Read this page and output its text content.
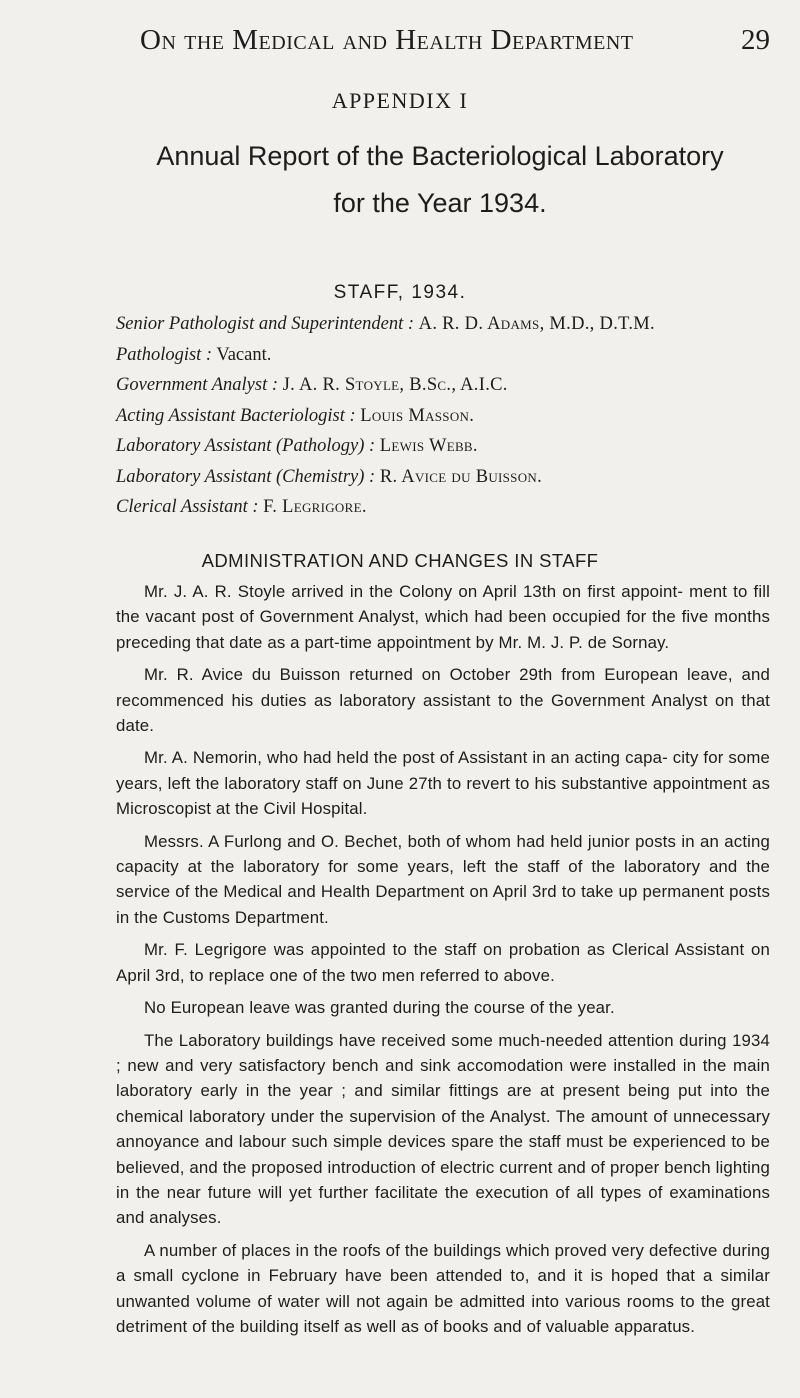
On the Medical and Health Department	29
APPENDIX I
Annual Report of the Bacteriological Laboratory
for the Year 1934.
STAFF, 1934.
Senior Pathologist and Superintendent : A. R. D. Adams, M.D., D.T.M.
Pathologist : Vacant.
Government Analyst : J. A. R. Stoyle, B.Sc., A.I.C.
Acting Assistant Bacteriologist : Louis Masson.
Laboratory Assistant (Pathology) : Lewis Webb.
Laboratory Assistant (Chemistry) : R. Avice du Buisson.
Clerical Assistant : F. Legrigore.
ADMINISTRATION AND CHANGES IN STAFF

Mr. J. A. R. Stoyle arrived in the Colony on April 13th on first appoint- ment to fill the vacant post of Government Analyst, which had been occupied for the five months preceding that date as a part-time appointment by Mr. M. J. P. de Sornay.

Mr. R. Avice du Buisson returned on October 29th from European leave, and recommenced his duties as laboratory assistant to the Government Analyst on that date.

Mr. A. Nemorin, who had held the post of Assistant in an acting capa- city for some years, left the laboratory staff on June 27th to revert to his substantive appointment as Microscopist at the Civil Hospital.

Messrs. A Furlong and O. Bechet, both of whom had held junior posts in an acting capacity at the laboratory for some years, left the staff of the laboratory and the service of the Medical and Health Department on April 3rd to take up permanent posts in the Customs Department.

Mr. F. Legrigore was appointed to the staff on probation as Clerical Assistant on April 3rd, to replace one of the two men referred to above.

No European leave was granted during the course of the year.

The Laboratory buildings have received some much-needed attention during 1934 ; new and very satisfactory bench and sink accomodation were installed in the main laboratory early in the year ; and similar fittings are at present being put into the chemical laboratory under the supervision of the Analyst. The amount of unnecessary annoyance and labour such simple devices spare the staff must be experienced to be believed, and the proposed introduction of electric current and of proper bench lighting in the near future will yet further facilitate the execution of all types of examinations and analyses.

A number of places in the roofs of the buildings which proved very defective during a small cyclone in February have been attended to, and it is hoped that a similar unwanted volume of water will not again be admitted into various rooms to the great detriment of the building itself as well as of books and of valuable apparatus.
